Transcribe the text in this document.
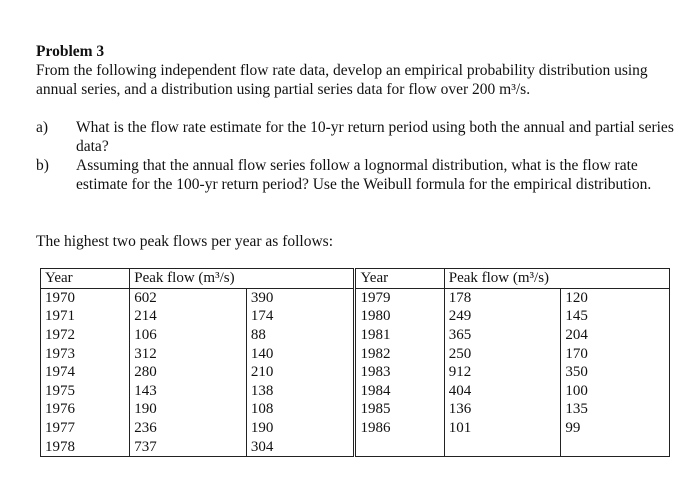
Problem 3
From the following independent flow rate data, develop an empirical probability distribution using annual series, and a distribution using partial series data for flow over 200 m³/s.
a) What is the flow rate estimate for the 10-yr return period using both the annual and partial series data?
b) Assuming that the annual flow series follow a lognormal distribution, what is the flow rate estimate for the 100-yr return period? Use the Weibull formula for the empirical distribution.
The highest two peak flows per year as follows:
Year	Peak flow (m³/s)		Year	Peak flow (m³/s)	
1970	602	390	1979	178	120
1971	214	174	1980	249	145
1972	106	88	1981	365	204
1973	312	140	1982	250	170
1974	280	210	1983	912	350
1975	143	138	1984	404	100
1976	190	108	1985	136	135
1977	236	190	1986	101	99
1978	737	304			
